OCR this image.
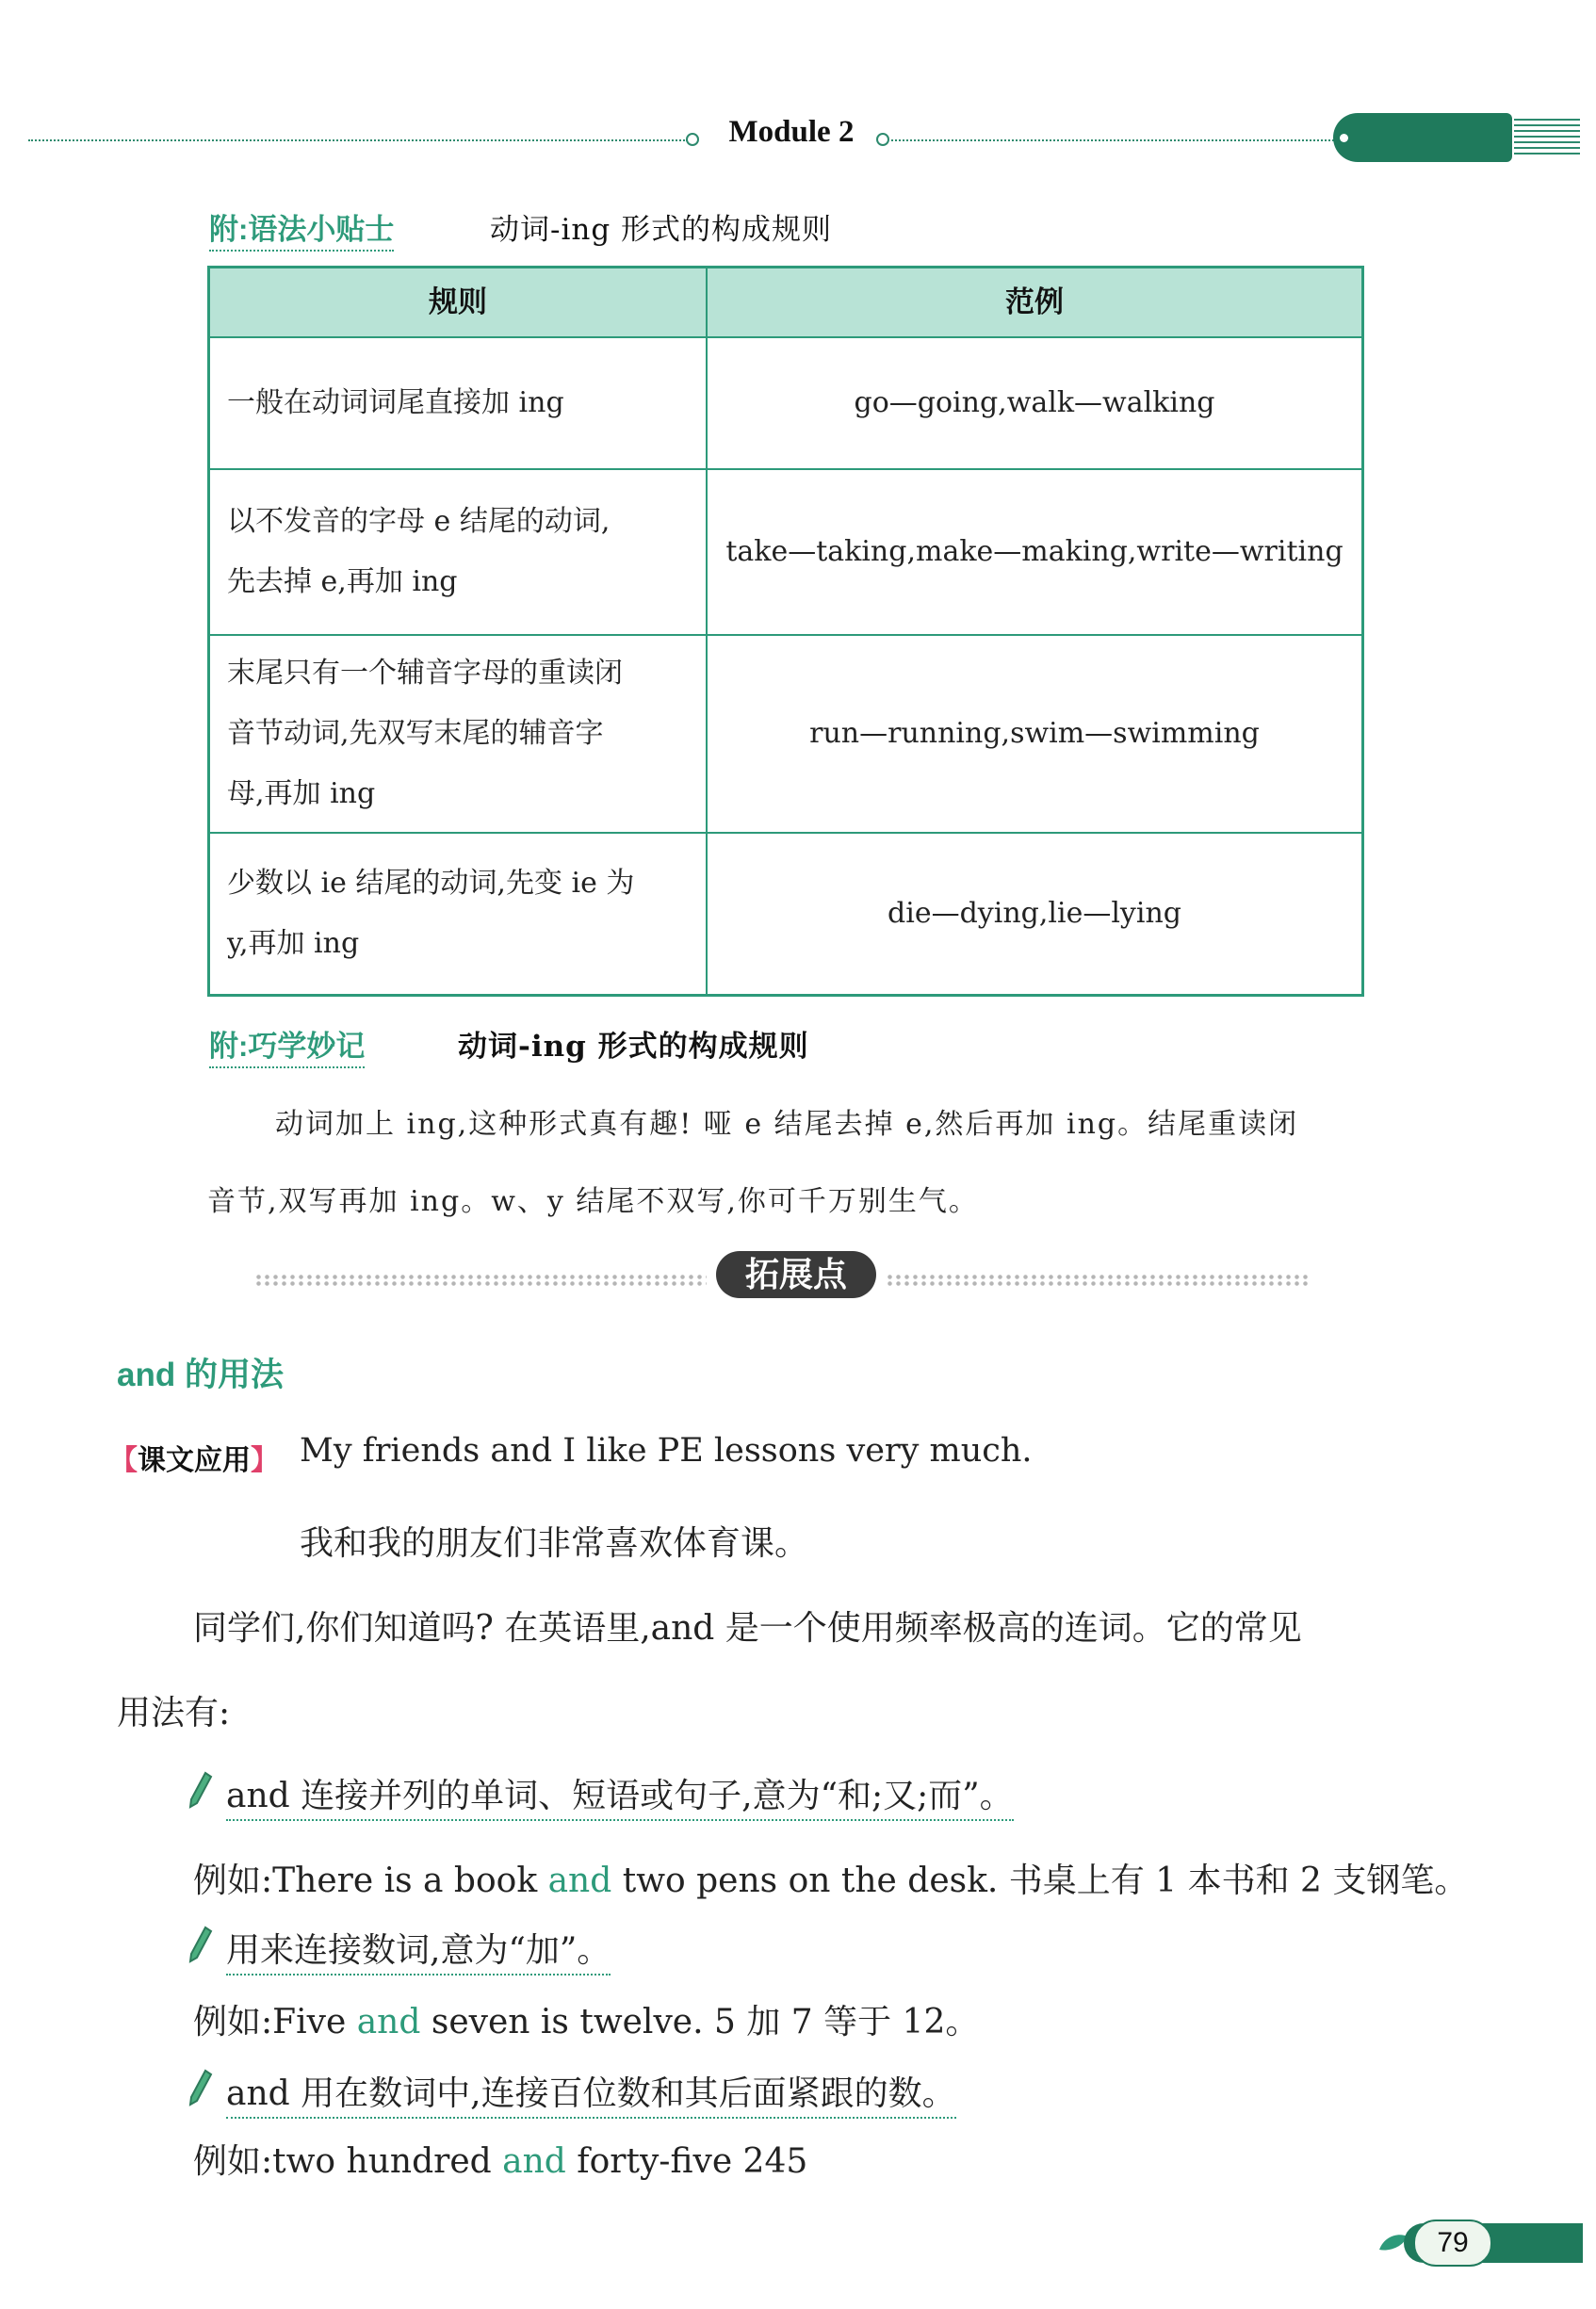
Module 2
附:语法小贴士	动词-ing 形式的构成规则
规则	范例
一般在动词词尾直接加 ing	go—going,walk—walking
以不发音的字母 e 结尾的动词,
先去掉 e,再加 ing	take—taking,make—making,write—writing
末尾只有一个辅音字母的重读闭
音节动词,先双写末尾的辅音字
母,再加 ing	run—running,swim—swimming
少数以 ie 结尾的动词,先变 ie 为
y,再加 ing	die—dying,lie—lying
附:巧学妙记	动词-ing 形式的构成规则
动词加上 ing,这种形式真有趣! 哑 e 结尾去掉 e,然后再加 ing。结尾重读闭
音节,双写再加 ing。w、y 结尾不双写,你可千万别生气。
拓展点
and 的用法
【课文应用】 My friends and I like PE lessons very much.
我和我的朋友们非常喜欢体育课。
同学们,你们知道吗? 在英语里,and 是一个使用频率极高的连词。它的常见
用法有:
and 连接并列的单词、短语或句子,意为“和;又;而”。
例如:There is a book and two pens on the desk. 书桌上有 1 本书和 2 支钢笔。
用来连接数词,意为“加”。
例如:Five and seven is twelve. 5 加 7 等于 12。
and 用在数词中,连接百位数和其后面紧跟的数。
例如:two hundred and forty-five 245
79
